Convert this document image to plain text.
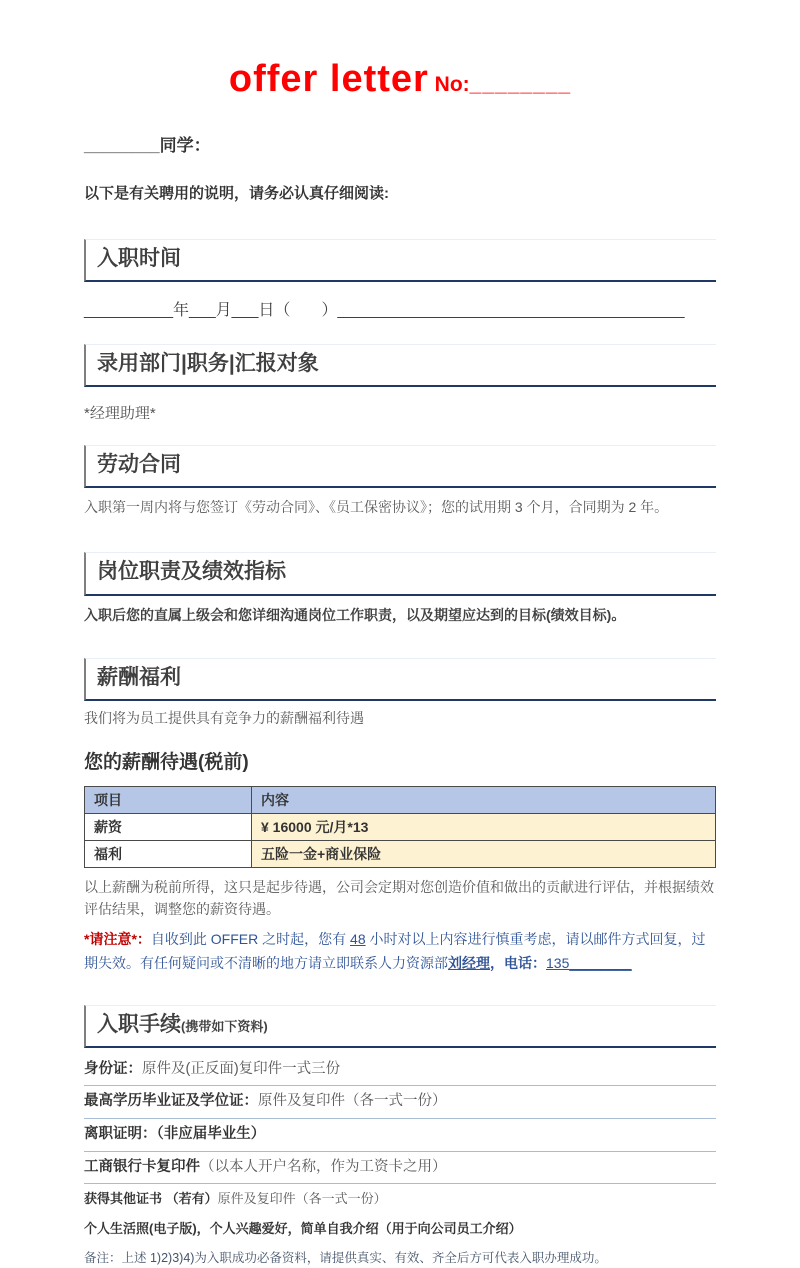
offer letter No:________
________同学：
以下是有关聘用的说明，请务必认真仔细阅读:
入职时间
__________年___月___日（       ）_______________________________________
录用部门|职务|汇报对象
*经理助理*
劳动合同
入职第一周内将与您签订《劳动合同》、《员工保密协议》；您的试用期 3 个月，合同期为 2 年。
岗位职责及绩效指标
入职后您的直属上级会和您详细沟通岗位工作职责，以及期望应达到的目标(绩效目标)。
薪酬福利
我们将为员工提供具有竞争力的薪酬福利待遇
您的薪酬待遇(税前)
项目	内容
薪资	¥ 16000 元/月*13
福利	五险一金+商业保险
以上薪酬为税前所得，这只是起步待遇，公司会定期对您创造价值和做出的贡献进行评估，并根据绩效评估结果，调整您的薪资待遇。
*请注意*：自收到此 OFFER 之时起，您有 48 小时对以上内容进行慎重考虑，请以邮件方式回复，过期失效。有任何疑问或不清晰的地方请立即联系人力资源部刘经理，电话：135________
入职手续(携带如下资料)
身份证：原件及(正反面)复印件一式三份
最高学历毕业证及学位证：原件及复印件（各一式一份）
离职证明：（非应届毕业生）
工商银行卡复印件（以本人开户名称，作为工资卡之用）
获得其他证书 （若有）原件及复印件（各一式一份）
个人生活照(电子版)，个人兴趣爱好，简单自我介绍（用于向公司员工介绍）
备注：上述 1)2)3)4)为入职成功必备资料，请提供真实、有效、齐全后方可代表入职办理成功。
